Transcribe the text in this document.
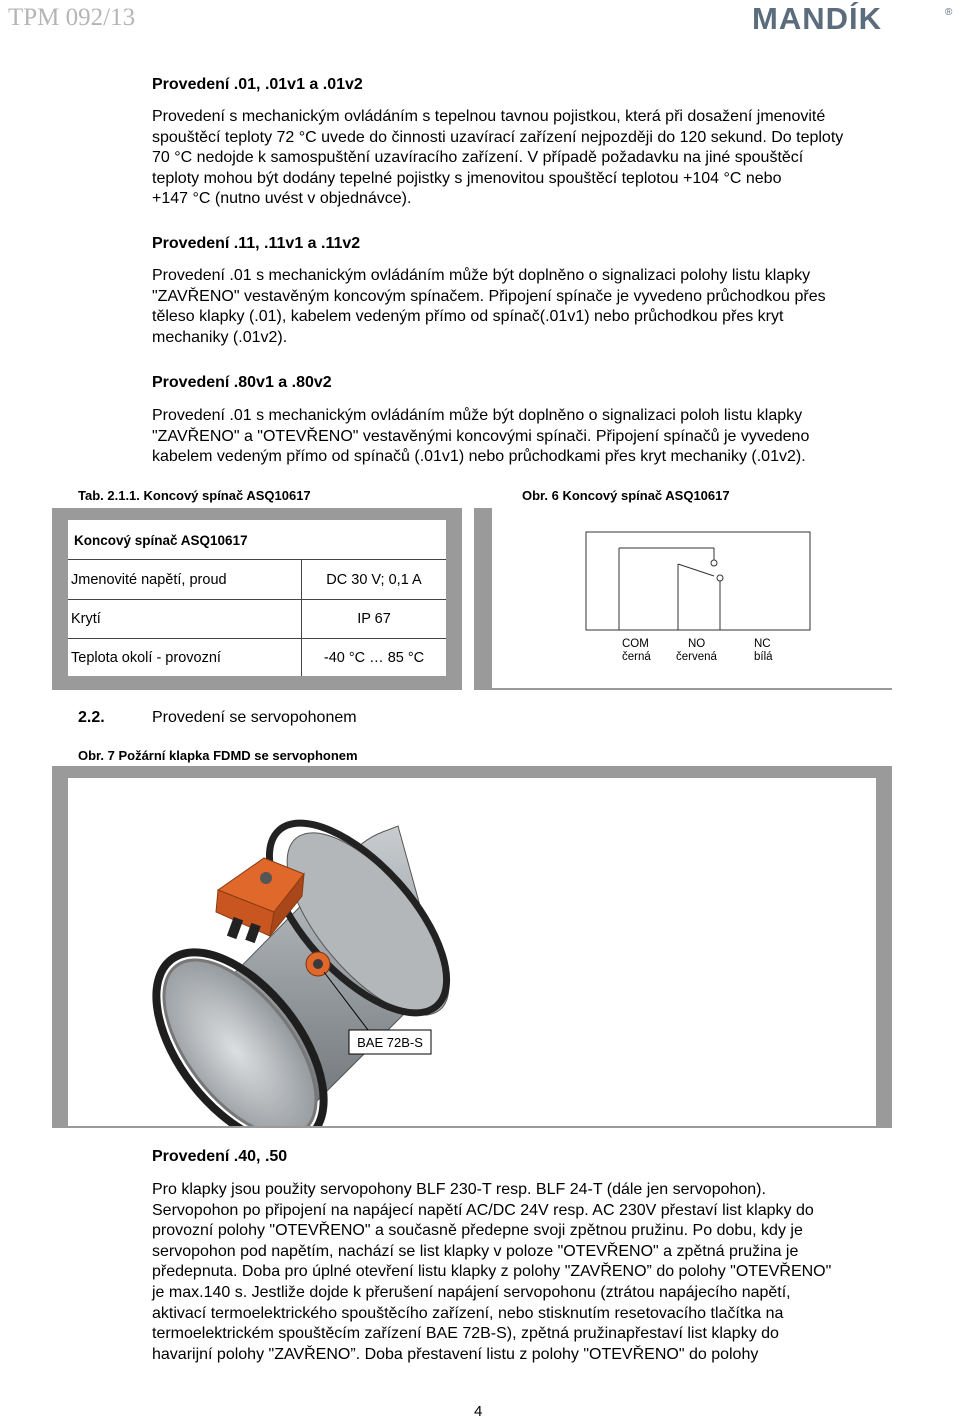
TPM 092/13	MANDÍK	®
Provedení .01, .01v1 a .01v2
Provedení s mechanickým ovládáním s tepelnou tavnou pojistkou, která při dosažení jmenovité
spouštěcí teploty 72 °C uvede do činnosti uzavírací zařízení nejpozději do 120 sekund. Do teploty
70 °C nedojde k samospuštění uzavíracího zařízení. V případě požadavku na jiné spouštěcí
teploty mohou být dodány tepelné pojistky s jmenovitou spouštěcí teplotou +104 °C nebo
+147 °C (nutno uvést v objednávce).
Provedení .11, .11v1 a .11v2
Provedení .01 s mechanickým ovládáním může být doplněno o signalizaci polohy listu klapky
"ZAVŘENO" vestavěným koncovým spínačem. Připojení spínače je vyvedeno průchodkou přes
těleso klapky (.01), kabelem vedeným přímo od spínač(.01v1) nebo průchodkou přes kryt
mechaniky (.01v2).
Provedení .80v1 a .80v2
Provedení .01 s mechanickým ovládáním může být doplněno o signalizaci poloh listu klapky
"ZAVŘENO" a "OTEVŘENO" vestavěnými koncovými spínači. Připojení spínačů je vyvedeno
kabelem vedeným přímo od spínačů (.01v1) nebo průchodkami přes kryt mechaniky (.01v2).
Tab. 2.1.1. Koncový spínač ASQ10617	Obr. 6 Koncový spínač ASQ10617
Koncový spínač ASQ10617
Jmenovité napětí, proud	DC 30 V; 0,1 A
Krytí	IP 67
Teplota okolí - provozní	-40 °C … 85 °C
COM
černá
NO
červená
NC
bílá
2.2.	Provedení se servopohonem
Obr. 7 Požární klapka FDMD se servophonem
BAE 72B-S
Provedení .40, .50
Pro klapky jsou použity servopohony BLF 230-T resp. BLF 24-T (dále jen servopohon).
Servopohon po připojení na napájecí napětí AC/DC 24V resp. AC 230V přestaví list klapky do
provozní polohy "OTEVŘENO" a současně předepne svoji zpětnou pružinu. Po dobu, kdy je
servopohon pod napětím, nachází se list klapky v poloze "OTEVŘENO" a zpětná pružina je
předepnuta. Doba pro úplné otevření listu klapky z polohy "ZAVŘENO” do polohy "OTEVŘENO"
je max.140 s. Jestliže dojde k přerušení napájení servopohonu (ztrátou napájecího napětí,
aktivací termoelektrického spouštěcího zařízení, nebo stisknutím resetovacího tlačítka na
termoelektrickém spouštěcím zařízení BAE 72B-S), zpětná pružinapřestaví list klapky do
havarijní polohy "ZAVŘENO”. Doba přestavení listu z polohy "OTEVŘENO" do polohy
4
